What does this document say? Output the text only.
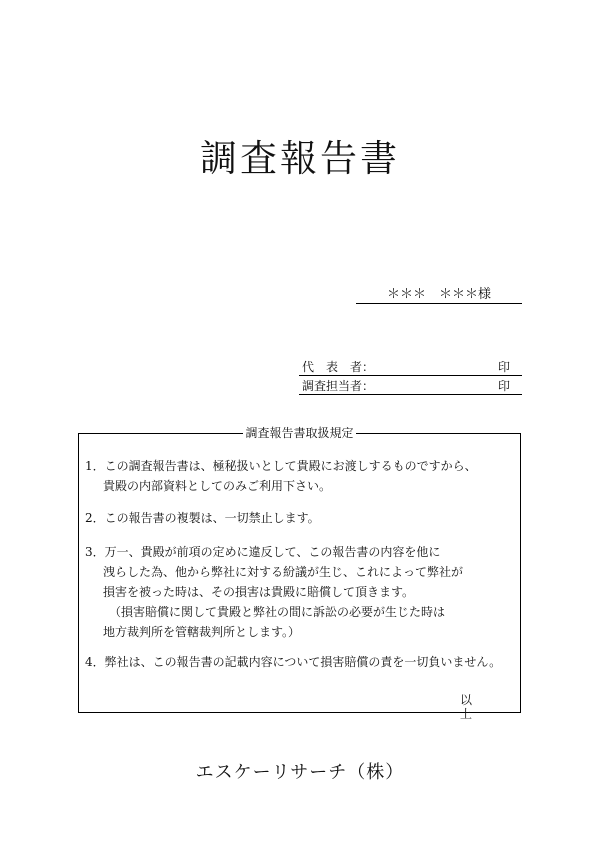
調査報告書
＊＊＊　＊＊＊様
代　表　者：	印
調査担当者：	印
調査報告書取扱規定
1．この調査報告書は、極秘扱いとして貴殿にお渡しするものですから、
貴殿の内部資料としてのみご利用下さい。
2．この報告書の複製は、一切禁止します。
3．万一、貴殿が前項の定めに違反して、この報告書の内容を他に
洩らした為、他から弊社に対する紛議が生じ、これによって弊社が
損害を被った時は、その損害は貴殿に賠償して頂きます。
（損害賠償に関して貴殿と弊社の間に訴訟の必要が生じた時は
地方裁判所を管轄裁判所とします。）
4．弊社は、この報告書の記載内容について損害賠償の責を一切負いません。
以上
エスケーリサーチ（株）
